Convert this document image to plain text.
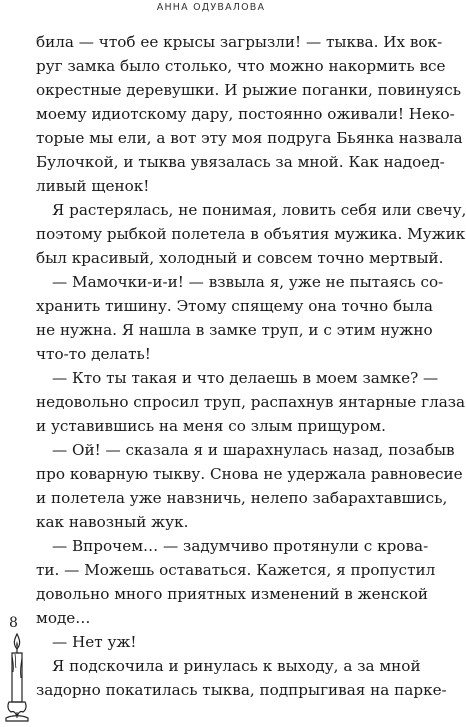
АННА ОДУВАЛОВА
била — чтоб ее крысы загрызли! — тыква. Их вок-
руг замка было столько, что можно накормить все
окрестные деревушки. И рыжие поганки, повинуясь
моему идиотскому дару, постоянно оживали! Неко-
торые мы ели, а вот эту моя подруга Бьянка назвала
Булочкой, и тыква увязалась за мной. Как надоед-
ливый щенок!
Я растерялась, не понимая, ловить себя или свечу,
поэтому рыбкой полетела в объятия мужика. Мужик
был красивый, холодный и совсем точно мертвый.
— Мамочки-и-и! — взвыла я, уже не пытаясь со-
хранить тишину. Этому спящему она точно была
не нужна. Я нашла в замке труп, и с этим нужно
что-то делать!
— Кто ты такая и что делаешь в моем замке? —
недовольно спросил труп, распахнув янтарные глаза
и уставившись на меня со злым прищуром.
— Ой! — сказала я и шарахнулась назад, позабыв
про коварную тыкву. Снова не удержала равновесие
и полетела уже навзничь, нелепо забарахтавшись,
как навозный жук.
— Впрочем… — задумчиво протянули с крова-
ти. — Можешь оставаться. Кажется, я пропустил
довольно много приятных изменений в женской
моде…
— Нет уж!
Я подскочила и ринулась к выходу, а за мной
задорно покатилась тыква, подпрыгивая на парке-
8
